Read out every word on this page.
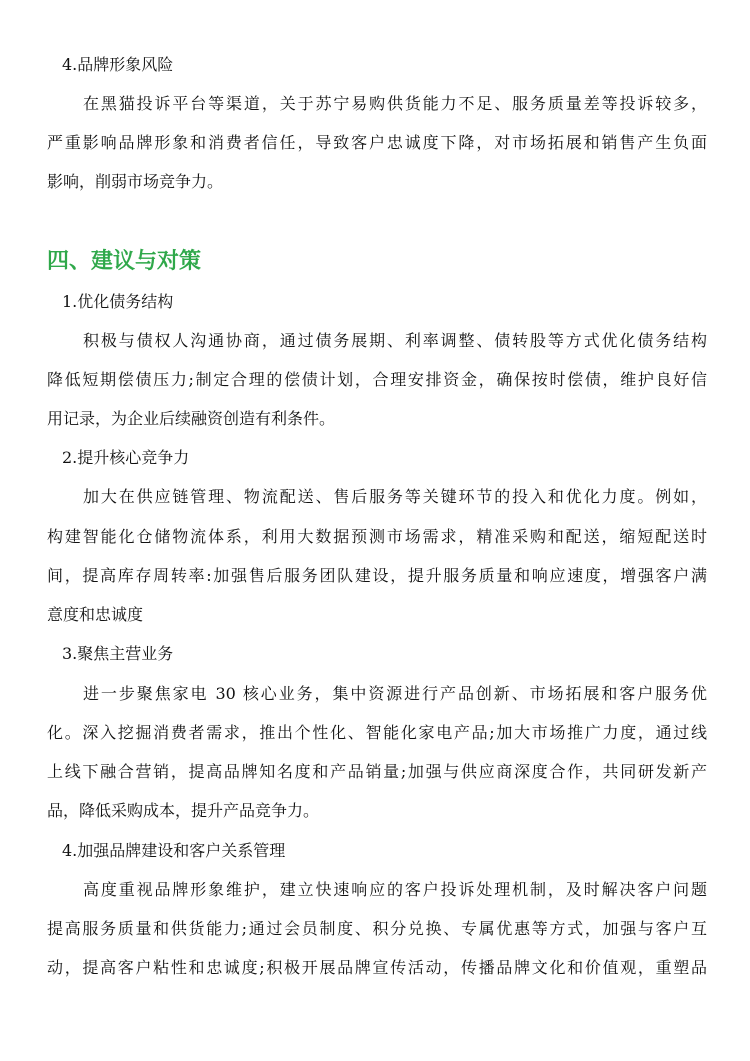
4.品牌形象风险
在黑猫投诉平台等渠道，关于苏宁易购供货能力不足、服务质量差等投诉较多，
严重影响品牌形象和消费者信任，导致客户忠诚度下降，对市场拓展和销售产生负面
影响，削弱市场竞争力。
四、建议与对策
1.优化债务结构
积极与债权人沟通协商，通过债务展期、利率调整、债转股等方式优化债务结构
降低短期偿债压力;制定合理的偿债计划，合理安排资金，确保按时偿债，维护良好信
用记录，为企业后续融资创造有利条件。
2.提升核心竞争力
加大在供应链管理、物流配送、售后服务等关键环节的投入和优化力度。例如，
构建智能化仓储物流体系，利用大数据预测市场需求，精准采购和配送，缩短配送时
间，提高库存周转率:加强售后服务团队建设，提升服务质量和响应速度，增强客户满
意度和忠诚度
3.聚焦主营业务
进一步聚焦家电 30 核心业务，集中资源进行产品创新、市场拓展和客户服务优
化。深入挖掘消费者需求，推出个性化、智能化家电产品;加大市场推广力度，通过线
上线下融合营销，提高品牌知名度和产品销量;加强与供应商深度合作，共同研发新产
品，降低采购成本，提升产品竞争力。
4.加强品牌建设和客户关系管理
高度重视品牌形象维护，建立快速响应的客户投诉处理机制，及时解决客户问题
提高服务质量和供货能力;通过会员制度、积分兑换、专属优惠等方式，加强与客户互
动，提高客户粘性和忠诚度;积极开展品牌宣传活动，传播品牌文化和价值观，重塑品
